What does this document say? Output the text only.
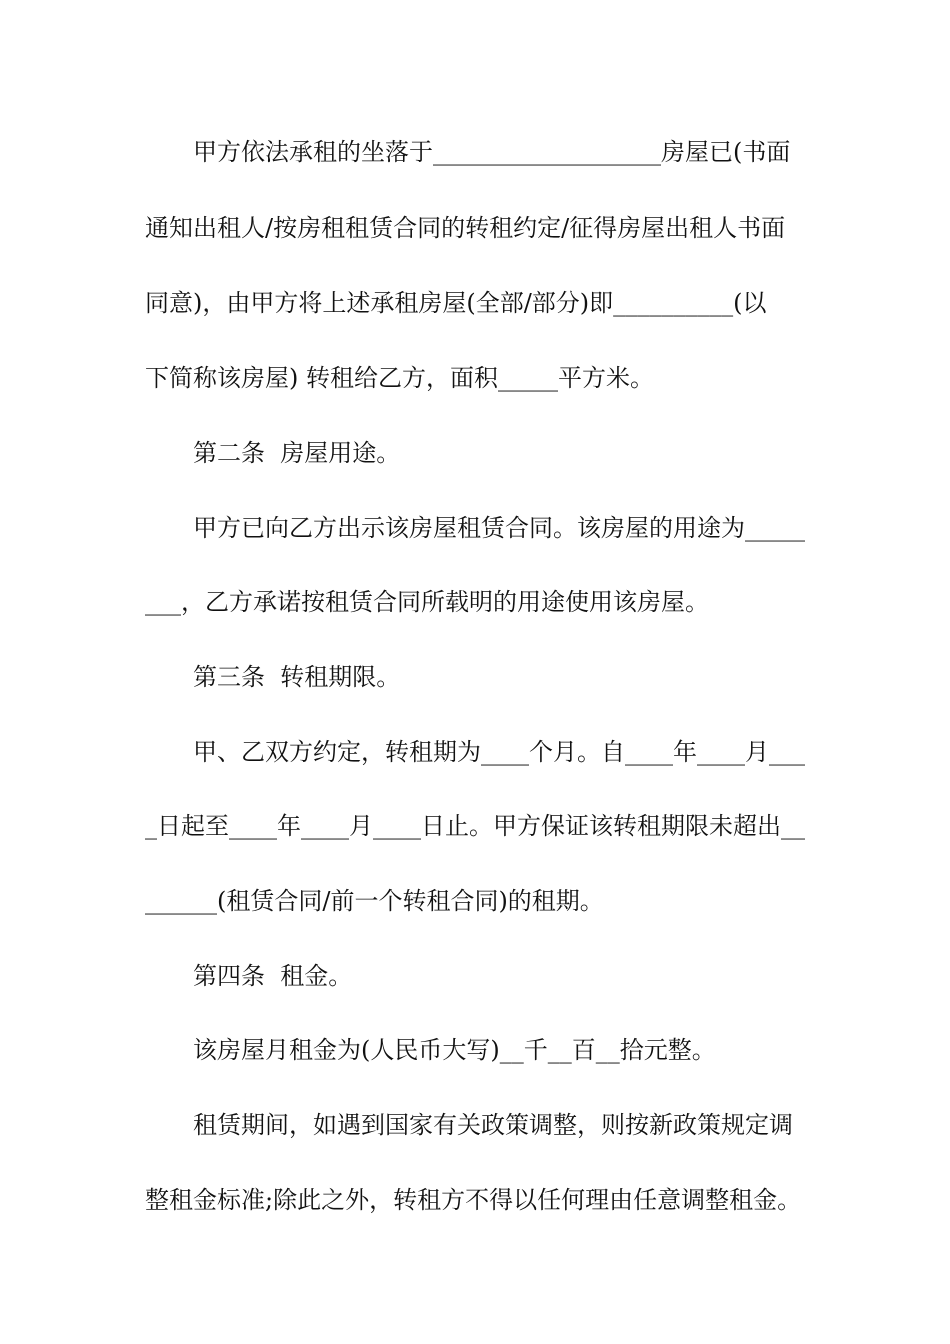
甲方依法承租的坐落于___________________房屋已(书面
通知出租人/按房租租赁合同的转租约定/征得房屋出租人书面
同意)，由甲方将上述承租房屋(全部/部分)即__________(以
下简称该房屋) 转租给乙方，面积_____平方米。
第二条  房屋用途。
甲方已向乙方出示该房屋租赁合同。该房屋的用途为_____
___，乙方承诺按租赁合同所载明的用途使用该房屋。
第三条  转租期限。
甲、乙双方约定，转租期为____个月。自____年____月___
_日起至____年____月____日止。甲方保证该转租期限未超出__
______(租赁合同/前一个转租合同)的租期。
第四条  租金。
该房屋月租金为(人民币大写)__千__百__拾元整。
租赁期间，如遇到国家有关政策调整，则按新政策规定调
整租金标准;除此之外，转租方不得以任何理由任意调整租金。
